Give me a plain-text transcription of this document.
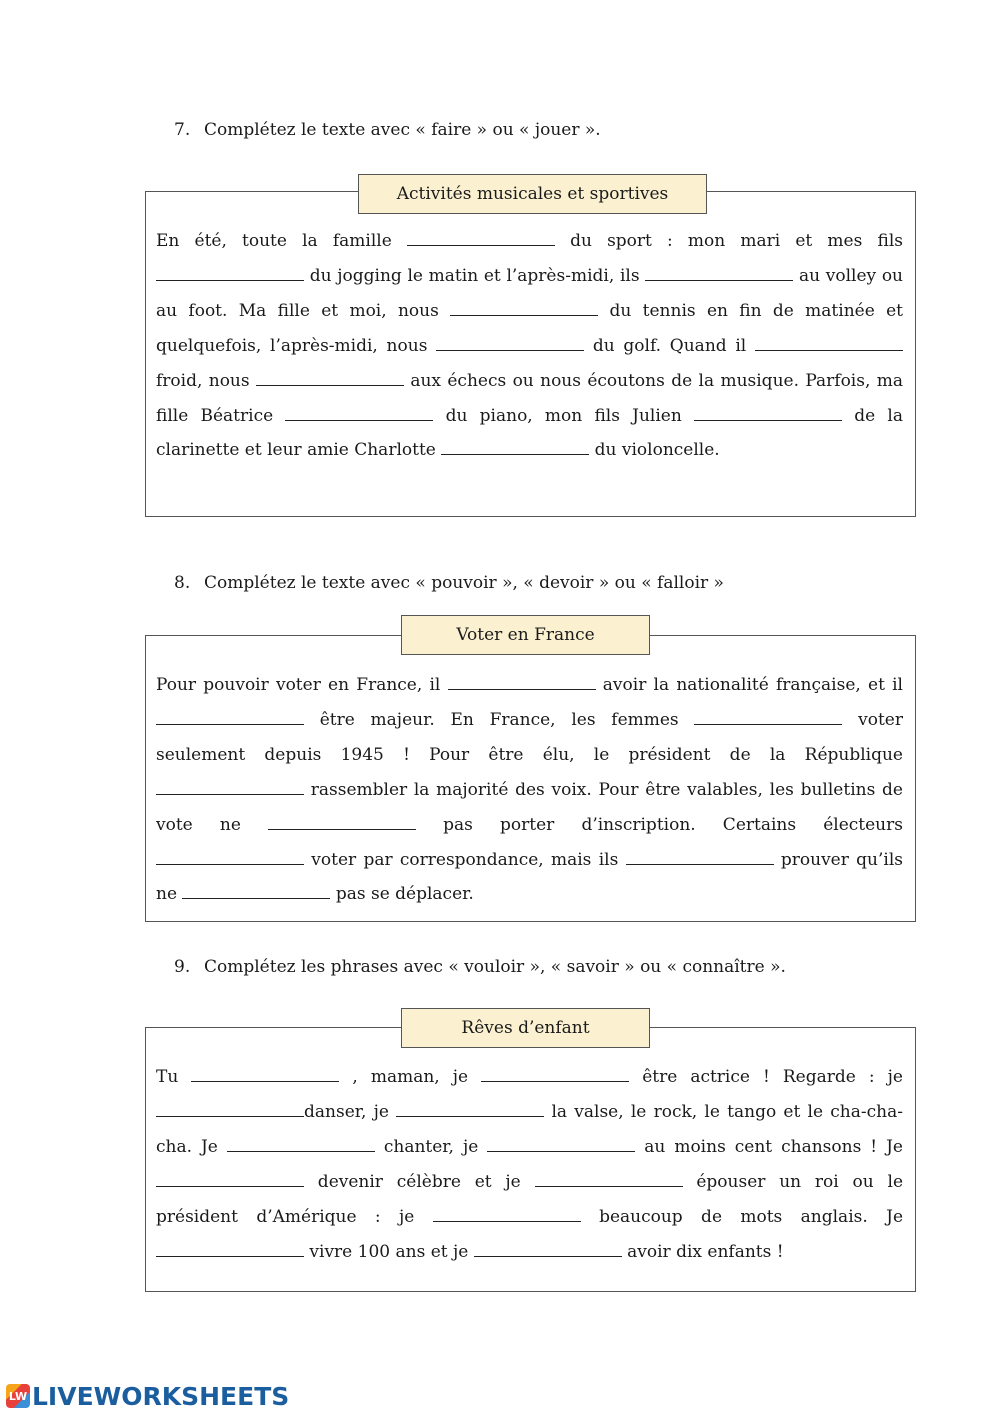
7. Complétez le texte avec « faire » ou « jouer ».
Activités musicales et sportives
En été, toute la famille	du sport : mon mari et mes fils  du jogging le matin et l’après-midi, ils	au volley ou au foot. Ma fille et moi, nous	du tennis en fin de matinée et quelquefois, l’après-midi, nous	du golf. Quand il  froid, nous	aux échecs ou nous écoutons de la musique. Parfois, ma fille Béatrice	du piano, mon fils Julien	de la clarinette et leur amie Charlotte	du violoncelle.
8. Complétez le texte avec « pouvoir », « devoir » ou « falloir »
Voter en France
Pour pouvoir voter en France, il	avoir la nationalité française, et il  être majeur. En France, les femmes	voter seulement depuis 1945 ! Pour être élu, le président de la République  rassembler la majorité des voix. Pour être valables, les bulletins de vote ne	pas porter d’inscription. Certains électeurs  voter par correspondance, mais ils	prouver qu’ils ne	pas se déplacer.
9. Complétez les phrases avec « vouloir », « savoir » ou « connaître ».
Rêves d’enfant
Tu	, maman, je	être actrice ! Regarde : je danser, je	la valse, le rock, le tango et le cha-cha-cha. Je	chanter, je	au moins cent chansons ! Je  devenir célèbre et je	épouser un roi ou le président d’Amérique : je	beaucoup de mots anglais. Je  vivre 100 ans et je	avoir dix enfants !
LW LIVEWORKSHEETS
